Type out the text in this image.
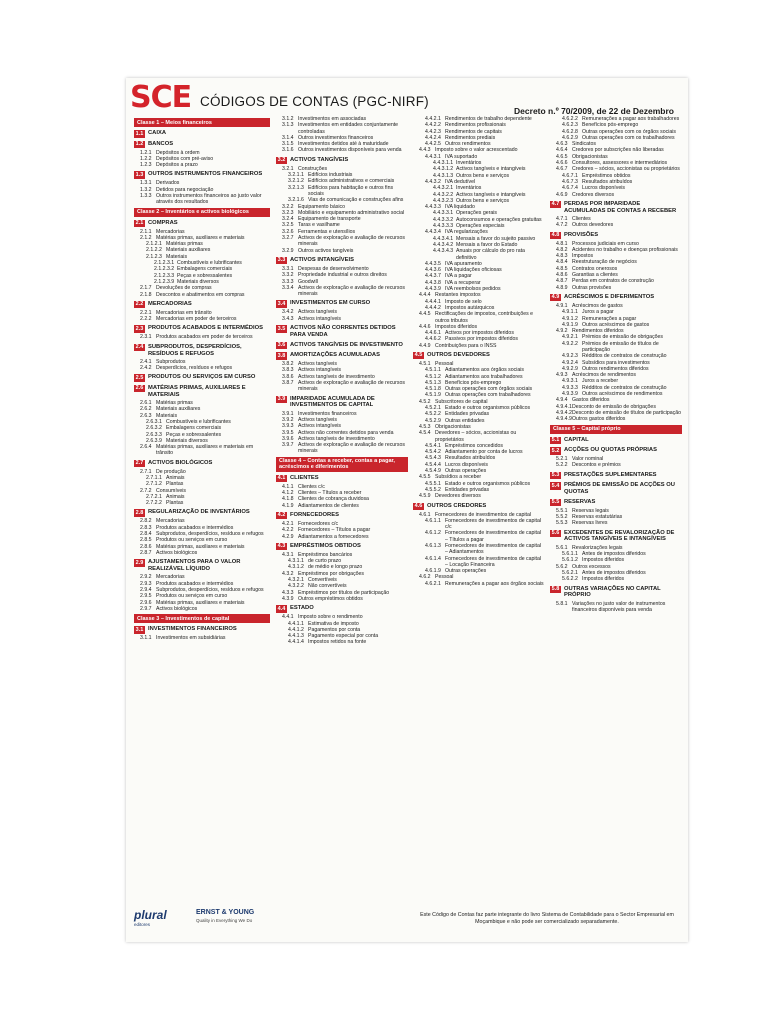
SCE CÓDIGOS DE CONTAS (PGC-NIRF)
Decreto n.º 70/2009, de 22 de Dezembro
Classe 1 – Meios financeiros
1.1 CAIXA
1.2 BANCOS
1.2.1 Depósitos à ordem
1.2.2 Depósitos com pré-aviso
1.2.3 Depósitos a prazo
1.3 OUTROS INSTRUMENTOS FINANCEIROS
1.3.1 Derivados
1.3.2 Detidos para negociação
1.3.3 Outros instrumentos financeiros ao justo valor através dos resultados
Classe 2 – Inventários e activos biológicos
2.1 COMPRAS
2.1.1 Mercadorias
2.1.2 Matérias primas, auxiliares e materiais
2.1.2.1 Matérias primas
2.1.2.2 Materiais auxiliares
2.1.2.3 Materiais
2.1.2.3.1 Combustíveis e lubrificantes
2.1.2.3.2 Embalagens comerciais
2.1.2.3.3 Peças e sobressalentes
2.1.2.3.9 Materiais diversos
2.1.7 Devoluções de compras
2.1.8 Descontos e abatimentos em compras
2.2 MERCADORIAS
2.2.1 Mercadorias em trânsito
2.2.2 Mercadorias em poder de terceiros
2.3 PRODUTOS ACABADOS E INTERMÉDIOS
2.3.1 Produtos acabados em poder de terceiros
2.4 SUBPRODUTOS, DESPERDÍCIOS, RESÍDUOS E REFUGOS
2.4.1 Subprodutos
2.4.2 Desperdícios, resíduos e refugos
2.5 PRODUTOS OU SERVIÇOS EM CURSO
2.6 MATÉRIAS PRIMAS, AUXILIARES E MATERIAIS
2.6.1 Matérias primas
2.6.2 Materiais auxiliares
2.6.3 Materiais
2.6.3.1 Combustíveis e lubrificantes
2.6.3.2 Embalagens comerciais
2.6.3.3 Peças e sobressalentes
2.6.3.9 Materiais diversos
2.6.4 Matérias primas, auxiliares e materiais em trânsito
2.7 ACTIVOS BIOLÓGICOS
2.7.1 De produção
2.7.1.1 Animais
2.7.1.2 Plantas
2.7.2 Consumíveis
2.7.2.1 Animais
2.7.2.2 Plantas
2.8 REGULARIZAÇÃO DE INVENTÁRIOS
2.8.2 Mercadorias
2.8.3 Produtos acabados e intermédios
2.8.4 Subprodutos, desperdícios, resíduos e refugos
2.8.5 Produtos ou serviços em curso
2.8.6 Matérias primas, auxiliares e materiais
2.8.7 Activos biológicos
2.9 AJUSTAMENTOS PARA O VALOR REALIZÁVEL LÍQUIDO
2.9.2 Mercadorias
2.9.3 Produtos acabados e intermédios
2.9.4 Subprodutos, desperdícios, resíduos e refugos
2.9.5 Produtos ou serviços em curso
2.9.6 Matérias primas, auxiliares e materiais
2.9.7 Activos biológicos
Classe 3 – Investimentos de capital
3.1 INVESTIMENTOS FINANCEIROS
3.1.1 Investimentos em subsidiárias
3.1.2 Investimentos em associadas
3.1.3 Investimentos em entidades conjuntamente controladas
3.1.4 Outros investimentos financeiros
3.1.5 Investimentos detidos até à maturidade
3.1.6 Outros investimentos disponíveis para venda
3.2 ACTIVOS TANGÍVEIS
3.2.1 Construções
3.2.1.1 Edifícios industriais
3.2.1.2 Edifícios administrativos e comerciais
3.2.1.3 Edifícios para habitação e outros fins sociais
3.2.1.6 Vias de comunicação e construções afins
3.2.2 Equipamento básico
3.2.3 Mobiliário e equipamento administrativo social
3.2.4 Equipamento de transporte
3.2.5 Taras e vasilhame
3.2.6 Ferramentas e utensílios
3.2.7 Activos de exploração e avaliação de recursos minerais
3.2.9 Outros activos tangíveis
3.3 ACTIVOS INTANGÍVEIS
3.3.1 Despesas de desenvolvimento
3.3.2 Propriedade industrial e outros direitos
3.3.3 Goodwill
3.3.4 Activos de exploração e avaliação de recursos minerais
3.4 INVESTIMENTOS EM CURSO
3.4.2 Activos tangíveis
3.4.3 Activos intangíveis
3.5 ACTIVOS NÃO CORRENTES DETIDOS PARA VENDA
3.6 ACTIVOS TANGÍVEIS DE INVESTIMENTO
3.8 AMORTIZAÇÕES ACUMULADAS
3.8.2 Activos tangíveis
3.8.3 Activos intangíveis
3.8.6 Activos tangíveis de investimento
3.8.7 Activos de exploração e avaliação de recursos minerais
3.9 IMPARIDADE ACUMULADA DE INVESTIMENTOS DE CAPITAL
3.9.1 Investimentos financeiros
3.9.2 Activos tangíveis
3.9.3 Activos intangíveis
3.9.5 Activos não correntes detidos para venda
3.9.6 Activos tangíveis de investimento
3.9.7 Activos de exploração e avaliação de recursos minerais
Classe 4 – Contas a receber, contas a pagar, acréscimos e diferimentos
4.1 CLIENTES
4.1.1 Clientes c/c
4.1.2 Clientes – Títulos a receber
4.1.8 Clientes de cobrança duvidosa
4.1.9 Adiantamentos de clientes
4.2 FORNECEDORES
4.2.1 Fornecedores c/c
4.2.2 Fornecedores – Títulos a pagar
4.2.9 Adiantamentos a fornecedores
4.3 EMPRÉSTIMOS OBTIDOS
4.3.1 Empréstimos bancários
4.3.1.1 de curto prazo
4.3.1.2 de médio e longo prazo
4.3.2 Empréstimos por obrigações
4.3.2.1 Convertíveis
4.3.2.2 Não convertíveis
4.3.3 Empréstimos por títulos de participação
4.3.9 Outros empréstimos obtidos
4.4 ESTADO
4.4.1 Imposto sobre o rendimento
4.4.1.1 Estimativa de imposto
4.4.1.2 Pagamentos por conta
4.4.1.3 Pagamento especial por conta
4.4.1.4 Impostos retidos na fonte
4.4.2.1 Rendimentos de trabalho dependente
4.4.2.2 Rendimentos profissionais
4.4.2.3 Rendimentos de capitais
4.4.2.4 Rendimentos prediais
4.4.2.5 Outros rendimentos
4.4.3 Imposto sobre o valor acrescentado
4.4.3.1 IVA suportado
4.4.3.1.1 Inventários
4.4.3.1.2 Activos tangíveis e intangíveis
4.4.3.1.3 Outros bens e serviços
4.4.3.2 IVA dedutível
4.4.3.2.1 Inventários
4.4.3.2.2 Activos tangíveis e intangíveis
4.4.3.2.3 Outros bens e serviços
4.4.3.3 IVA liquidado
4.4.3.3.1 Operações gerais
4.4.3.3.2 Autoconsumos e operações gratuitas
4.4.3.3.3 Operações especiais
4.4.3.4 IVA regularizações
4.4.3.4.1 Mensais a favor do sujeito passivo
4.4.3.4.2 Mensais a favor do Estado
4.4.3.4.3 Anuais por cálculo do pro rata definitivo
4.4.3.5 IVA apuramento
4.4.3.6 IVA liquidações oficiosas
4.4.3.7 IVA a pagar
4.4.3.8 IVA a recuperar
4.4.3.9 IVA reembolsos pedidos
4.4.4 Restantes impostos
4.4.4.1 Imposto de selo
4.4.4.2 Impostos autárquicos
4.4.5 Rectificações de impostos, contribuições e outros tributos
4.4.6 Impostos diferidos
4.4.6.1 Activos por impostos diferidos
4.4.6.2 Passivos por impostos diferidos
4.4.9 Contribuições para o INSS
4.5 OUTROS DEVEDORES
4.5.1 Pessoal
4.5.1.1 Adiantamentos aos órgãos sociais
4.5.1.2 Adiantamentos aos trabalhadores
4.5.1.3 Benefícios pós-emprego
4.5.1.8 Outras operações com órgãos sociais
4.5.1.9 Outras operações com trabalhadores
4.5.2 Subscritores de capital
4.5.2.1 Estado e outros organismos públicos
4.5.2.2 Entidades privadas
4.5.2.9 Outras entidades
4.5.3 Obrigacionistas
4.5.4 Devedores – sócios, accionistas ou proprietários
4.5.4.1 Empréstimos concedidos
4.5.4.2 Adiantamento por conta de lucros
4.5.4.3 Resultados atribuídos
4.5.4.4 Lucros disponíveis
4.5.4.9 Outras operações
4.5.5 Subsídios a receber
4.5.5.1 Estado e outros organismos públicos
4.5.5.2 Entidades privadas
4.5.9 Devedores diversos
4.6 OUTROS CREDORES
4.6.1 Fornecedores de investimentos de capital
4.6.1.1 Fornecedores de investimentos de capital c/c
4.6.1.2 Fornecedores de investimentos de capital – Títulos a pagar
4.6.1.3 Fornecedores de investimentos de capital – Adiantamentos
4.6.1.4 Fornecedores de investimentos de capital – Locação Financeira
4.6.1.9 Outras operações
4.6.2 Pessoal
4.6.2.1 Remunerações a pagar aos órgãos sociais
4.6.2.2 Remunerações a pagar aos trabalhadores
4.6.2.3 Benefícios pós-emprego
4.6.2.8 Outras operações com os órgãos sociais
4.6.2.9 Outras operações com os trabalhadores
4.6.3 Sindicatos
4.6.4 Credores por subscrições não liberadas
4.6.5 Obrigacionistas
4.6.6 Consultores, assessores e intermediários
4.6.7 Credores – sócios, accionistas ou proprietários
4.6.7.1 Empréstimos obtidos
4.6.7.3 Resultados atribuídos
4.6.7.4 Lucros disponíveis
4.6.9 Credores diversos
4.7 PERDAS POR IMPARIDADE ACUMULADAS DE CONTAS A RECEBER
4.7.1 Clientes
4.7.2 Outros devedores
4.8 PROVISÕES
4.8.1 Processos judiciais em curso
4.8.2 Acidentes no trabalho e doenças profissionais
4.8.3 Impostos
4.8.4 Reestruturação de negócios
4.8.5 Contratos onerosos
4.8.6 Garantias a clientes
4.8.7 Perdas em contratos de construção
4.8.9 Outras provisões
4.9 ACRÉSCIMOS E DIFERIMENTOS
4.9.1 Acréscimos de gastos
4.9.1.1 Juros a pagar
4.9.1.2 Remunerações a pagar
4.9.1.9 Outros acréscimos de gastos
4.9.2 Rendimentos diferidos
4.9.2.1 Prémios de emissão de obrigações
4.9.2.2 Prémios de emissão de títulos de participação
4.9.2.3 Rédditos de contratos de construção
4.9.2.4 Subsídios para investimentos
4.9.2.9 Outros rendimentos diferidos
4.9.3 Acréscimos de rendimentos
4.9.3.1 Juros a receber
4.9.3.3 Rédditos de contratos de construção
4.9.3.9 Outros acréscimos de rendimentos
4.9.4 Gastos diferidos
4.9.4.1 Desconto de emissão de obrigações
4.9.4.2 Desconto de emissão de títulos de participação
4.9.4.9 Outros gastos diferidos
Classe 5 – Capital próprio
5.1 CAPITAL
5.2 ACÇÕES OU QUOTAS PRÓPRIAS
5.2.1 Valor nominal
5.2.2 Descontos e prémios
5.3 PRESTAÇÕES SUPLEMENTARES
5.4 PRÉMIOS DE EMISSÃO DE ACÇÕES OU QUOTAS
5.5 RESERVAS
5.5.1 Reservas legais
5.5.2 Reservas estatutárias
5.5.3 Reservas livres
5.6 EXCEDENTES DE REVALORIZAÇÃO DE ACTIVOS TANGÍVEIS E INTANGÍVEIS
5.6.1 Revalorizações legais
5.6.1.1 Antes de impostos diferidos
5.6.1.2 Impostos diferidos
5.6.2 Outros excessos
5.6.2.1 Antes de impostos diferidos
5.6.2.2 Impostos diferidos
5.8 OUTRAS VARIAÇÕES NO CAPITAL PRÓPRIO
5.8.1 Variações no justo valor de instrumentos financeiros disponíveis para venda
plural
editores
ERNST & YOUNG
Quality in Everything We Do
Este Código de Contas faz parte integrante do livro Sistema de Contabilidade para o Sector Empresarial em Moçambique e não pode ser comercializado separadamente.
